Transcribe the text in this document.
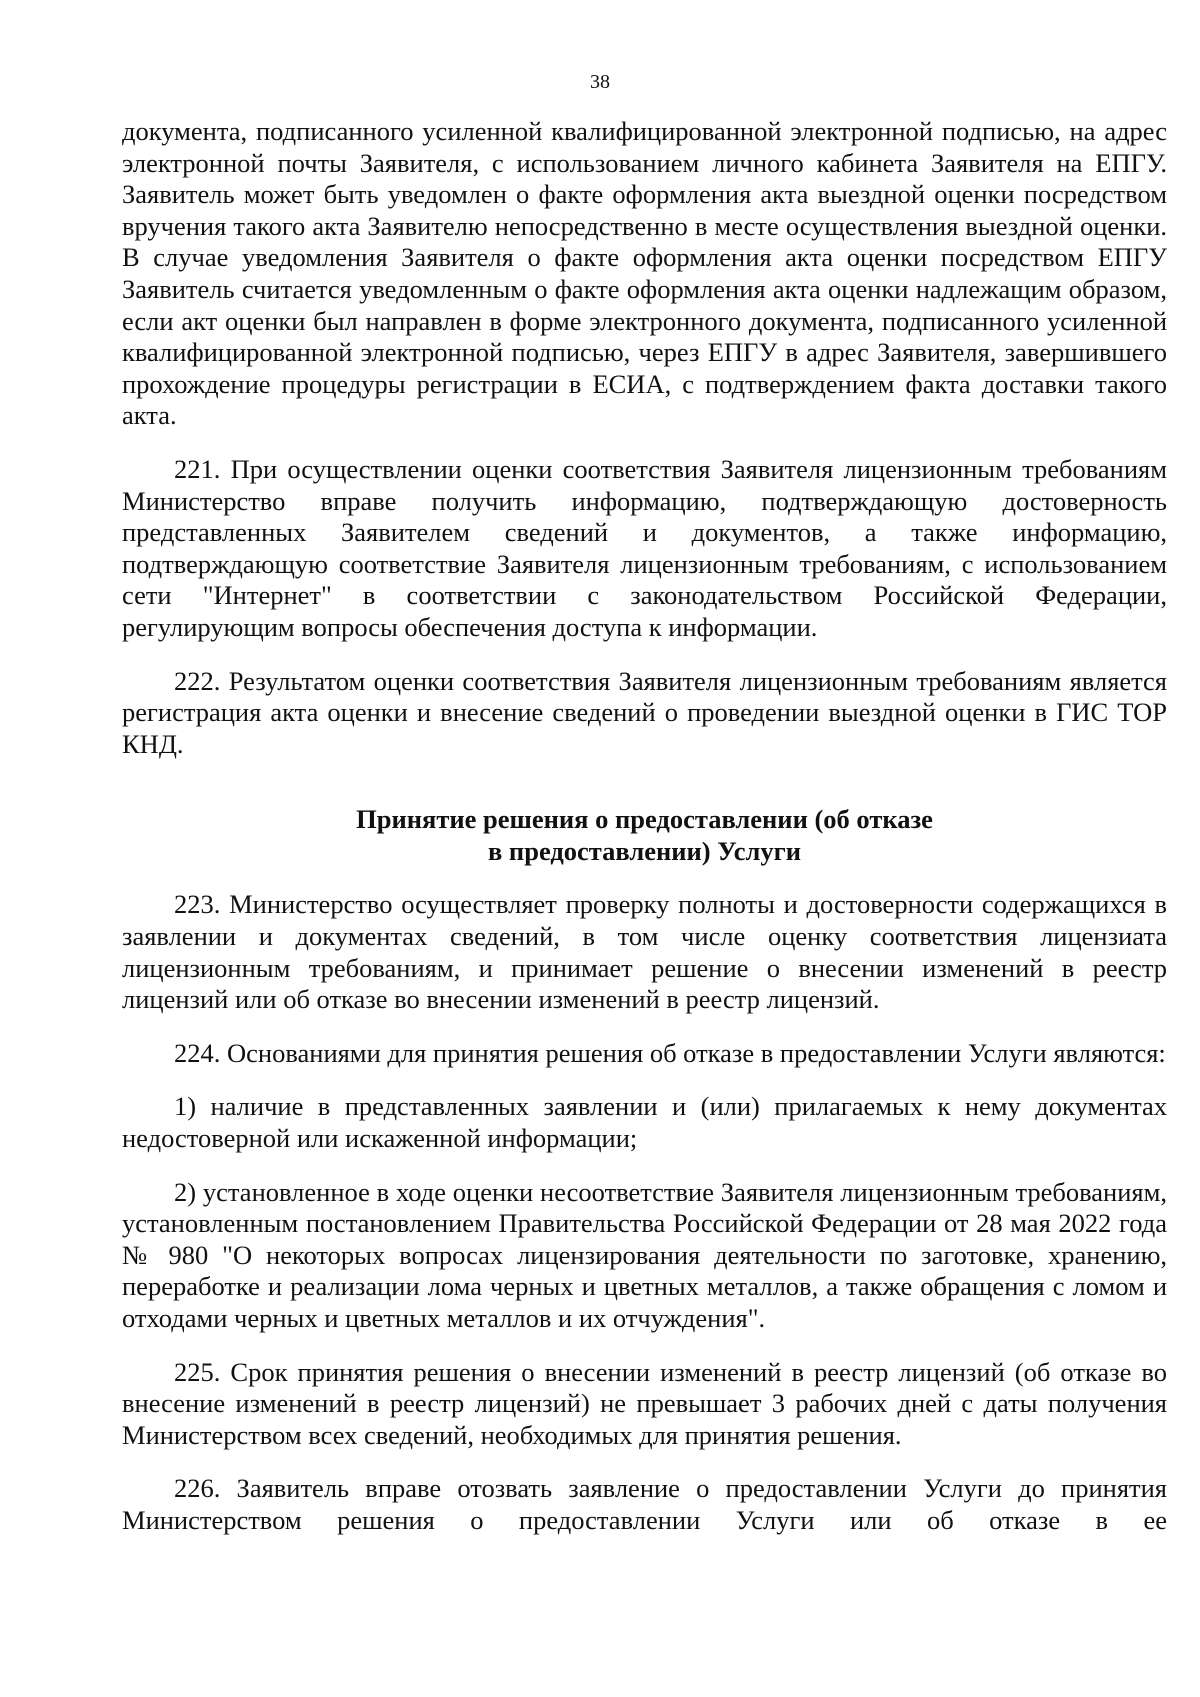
38

документа, подписанного усиленной квалифицированной электронной подписью, на адрес электронной почты Заявителя, с использованием личного кабинета Заявителя на ЕПГУ. Заявитель может быть уведомлен о факте оформления акта выездной оценки посредством вручения такого акта Заявителю непосредственно в месте осуществления выездной оценки. В случае уведомления Заявителя о факте оформления акта оценки посредством ЕПГУ Заявитель считается уведомленным о факте оформления акта оценки надлежащим образом, если акт оценки был направлен в форме электронного документа, подписанного усиленной квалифицированной электронной подписью, через ЕПГУ в адрес Заявителя, завершившего прохождение процедуры регистрации в ЕСИА, с подтверждением факта доставки такого акта.

221. При осуществлении оценки соответствия Заявителя лицензионным требованиям Министерство вправе получить информацию, подтверждающую достоверность представленных Заявителем сведений и документов, а также информацию, подтверждающую соответствие Заявителя лицензионным требованиям, с использованием сети "Интернет" в соответствии с законодательством Российской Федерации, регулирующим вопросы обеспечения доступа к информации.

222. Результатом оценки соответствия Заявителя лицензионным требованиям является регистрация акта оценки и внесение сведений о проведении выездной оценки в ГИС ТОР КНД.

Принятие решения о предоставлении (об отказе
в предоставлении) Услуги

223. Министерство осуществляет проверку полноты и достоверности содержащихся в заявлении и документах сведений, в том числе оценку соответствия лицензиата лицензионным требованиям, и принимает решение о внесении изменений в реестр лицензий или об отказе во внесении изменений в реестр лицензий.

224. Основаниями для принятия решения об отказе в предоставлении Услуги являются:

1) наличие в представленных заявлении и (или) прилагаемых к нему документах недостоверной или искаженной информации;

2) установленное в ходе оценки несоответствие Заявителя лицензионным требованиям, установленным постановлением Правительства Российской Федерации от 28 мая 2022 года № 980 "О некоторых вопросах лицензирования деятельности по заготовке, хранению, переработке и реализации лома черных и цветных металлов, а также обращения с ломом и отходами черных и цветных металлов и их отчуждения".

225. Срок принятия решения о внесении изменений в реестр лицензий (об отказе во внесение изменений в реестр лицензий) не превышает 3 рабочих дней с даты получения Министерством всех сведений, необходимых для принятия решения.

226. Заявитель вправе отозвать заявление о предоставлении Услуги до принятия Министерством решения о предоставлении Услуги или об отказе в ее
